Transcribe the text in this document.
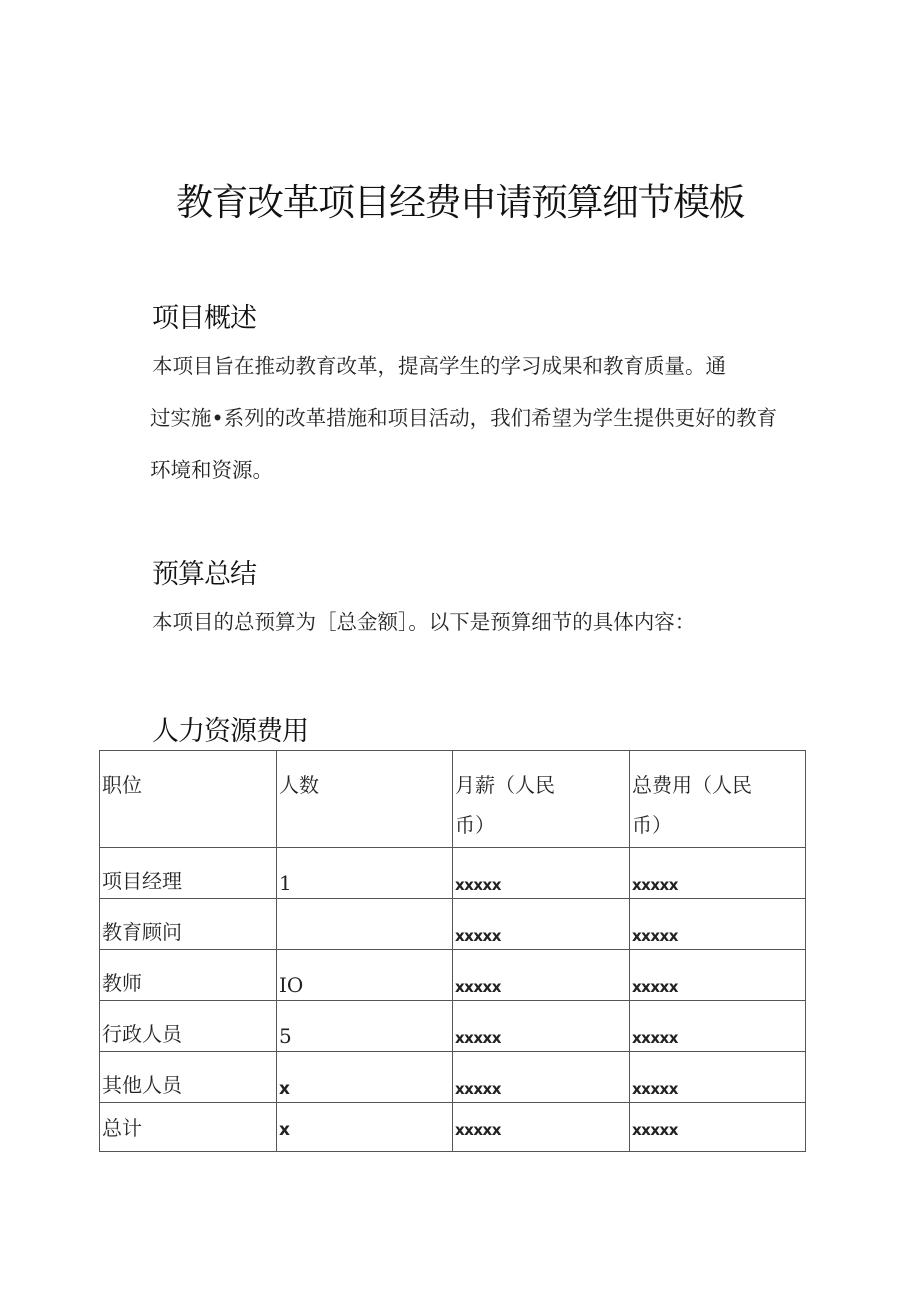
教育改革项目经费申请预算细节模板
项目概述
本项目旨在推动教育改革，提高学生的学习成果和教育质量。通
过实施•系列的改革措施和项目活动，我们希望为学生提供更好的教育
环境和资源。
预算总结
本项目的总预算为［总金额］。以下是预算细节的具体内容：
人力资源费用
职位	人数	月薪（人民
币）	总费用（人民
币）
项目经理	1	xxxxx	xxxxx
教育顾问		xxxxx	xxxxx
教师	IO	xxxxx	xxxxx
行政人员	5	xxxxx	xxxxx
其他人员	x	xxxxx	xxxxx
总计	x	xxxxx	xxxxx
